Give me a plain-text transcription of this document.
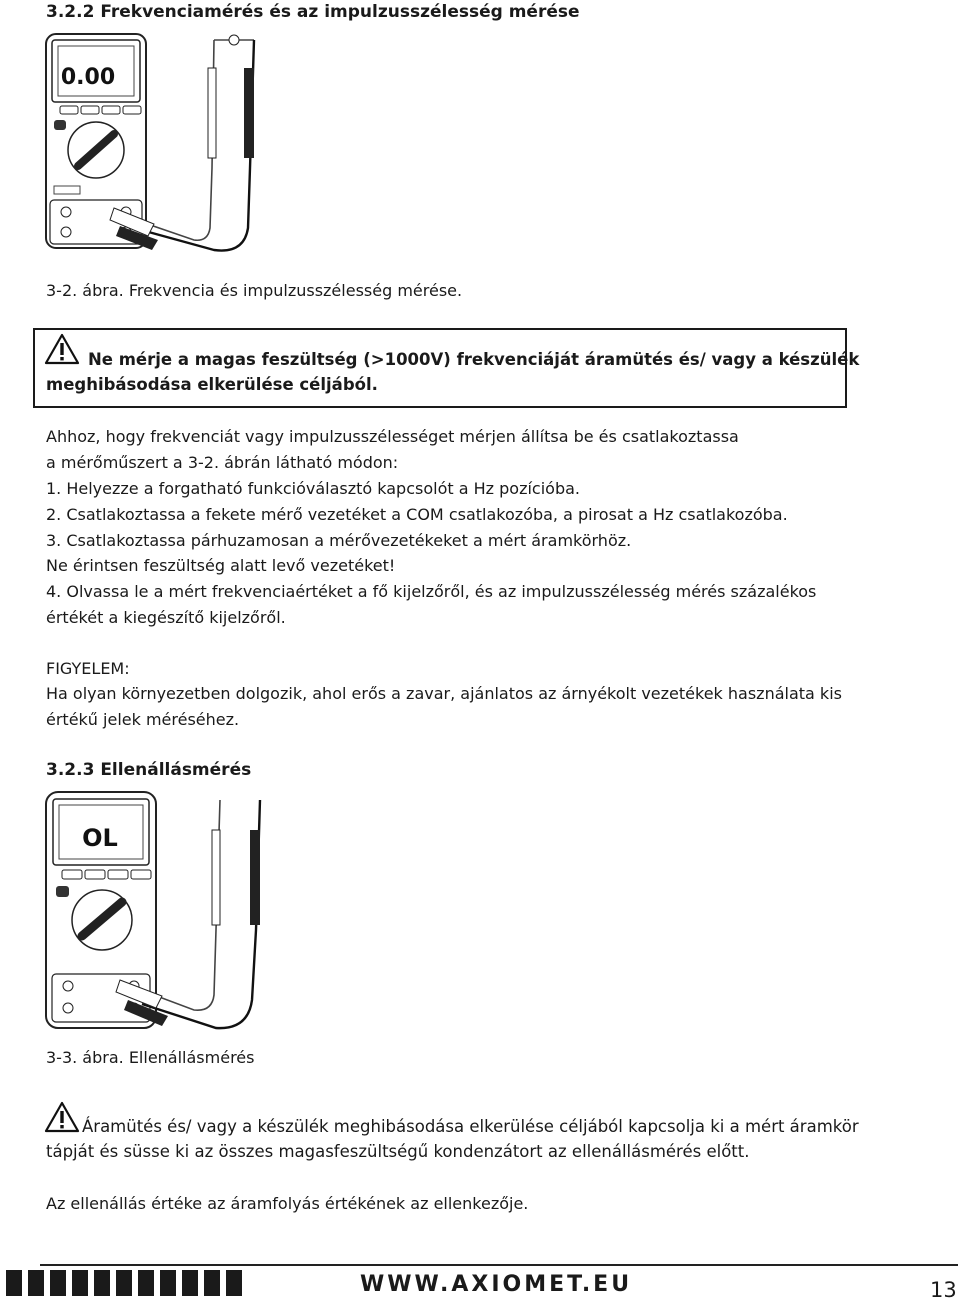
3.2.2 Frekvenciamérés és az impulzusszélesség mérése
0.00
3-2. ábra. Frekvencia és impulzusszélesség mérése.
Ne mérje a magas feszültség (>1000V) frekvenciáját áramütés és/ vagy a készülék
meghibásodása elkerülése céljából.
Ahhoz, hogy frekvenciát vagy impulzusszélességet mérjen állítsa be és csatlakoztassa
a mérőműszert a 3-2. ábrán látható módon:
1. Helyezze a forgatható funkcióválasztó kapcsolót a Hz pozícióba.
2. Csatlakoztassa a fekete mérő vezetéket a COM csatlakozóba, a pirosat a Hz csatlakozóba.
3. Csatlakoztassa párhuzamosan a mérővezetékeket a mért áramkörhöz.
Ne érintsen feszültség alatt levő vezetéket!
4. Olvassa le a mért frekvenciaértéket a fő kijelzőről, és az impulzusszélesség mérés százalékos
értékét a kiegészítő kijelzőről.
FIGYELEM:
Ha olyan környezetben dolgozik, ahol erős a zavar, ajánlatos az árnyékolt vezetékek használata kis
értékű jelek méréséhez.
3.2.3 Ellenállásmérés
OL
3-3. ábra. Ellenállásmérés
Áramütés és/ vagy a készülék meghibásodása elkerülése céljából kapcsolja ki a mért áramkör
tápját és süsse ki az összes magasfeszültségű kondenzátort az ellenállásmérés előtt.
Az ellenállás értéke az áramfolyás értékének az ellenkezője.
WWW.AXIOMET.EU	13
